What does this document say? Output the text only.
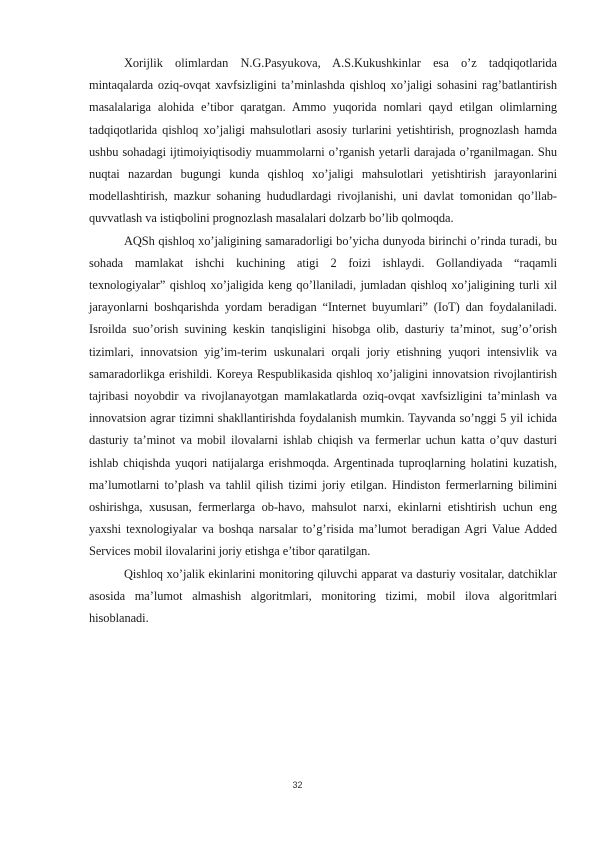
Xorijlik olimlardan N.G.Pasyukova, A.S.Kukushkinlar esa o’z tadqiqotlarida mintaqalarda oziq-ovqat xavfsizligini ta’minlashda qishloq xo’jaligi sohasini rag’batlantirish masalalariga alohida e’tibor qaratgan. Ammo yuqorida nomlari qayd etilgan olimlarning tadqiqotlarida qishloq xo’jaligi mahsulotlari asosiy turlarini yetishtirish, prognozlash hamda ushbu sohadagi ijtimoiyiqtisodiy muammolarni o’rganish yetarli darajada o’rganilmagan. Shu nuqtai nazardan bugungi kunda qishloq xo’jaligi mahsulotlari yetishtirish jarayonlarini modellashtirish, mazkur sohaning hududlardagi rivojlanishi, uni davlat tomonidan qo’llab-quvvatlash va istiqbolini prognozlash masalalari dolzarb bo’lib qolmoqda.

AQSh qishloq xo’jaligining samaradorligi bo’yicha dunyoda birinchi o’rinda turadi, bu sohada mamlakat ishchi kuchining atigi 2 foizi ishlaydi. Gollandiyada “raqamli texnologiyalar” qishloq xo’jaligida keng qo’llaniladi, jumladan qishloq xo’jaligining turli xil jarayonlarni boshqarishda yordam beradigan “Internet buyumlari” (IoT) dan foydalaniladi. Isroilda suo’orish suvining keskin tanqisligini hisobga olib, dasturiy ta’minot, sug’o’orish tizimlari, innovatsion yig’im-terim uskunalari orqali joriy etishning yuqori intensivlik va samaradorlikga erishildi. Koreya Respublikasida qishloq xo’jaligini innovatsion rivojlantirish tajribasi noyobdir va rivojlanayotgan mamlakatlarda oziq-ovqat xavfsizligini ta’minlash va innovatsion agrar tizimni shakllantirishda foydalanish mumkin. Tayvanda so’nggi 5 yil ichida dasturiy ta’minot va mobil ilovalarni ishlab chiqish va fermerlar uchun katta o’quv dasturi ishlab chiqishda yuqori natijalarga erishmoqda. Argentinada tuproqlarning holatini kuzatish, ma’lumotlarni to’plash va tahlil qilish tizimi joriy etilgan. Hindiston fermerlarning bilimini oshirishga, xususan, fermerlarga ob-havo, mahsulot narxi, ekinlarni etishtirish uchun eng yaxshi texnologiyalar va boshqa narsalar to’g’risida ma’lumot beradigan Agri Value Added Services mobil ilovalarini joriy etishga e’tibor qaratilgan.

Qishloq xo’jalik ekinlarini monitoring qiluvchi apparat va dasturiy vositalar, datchiklar asosida ma’lumot almashish algoritmlari, monitoring tizimi, mobil ilova algoritmlari hisoblanadi.

32
